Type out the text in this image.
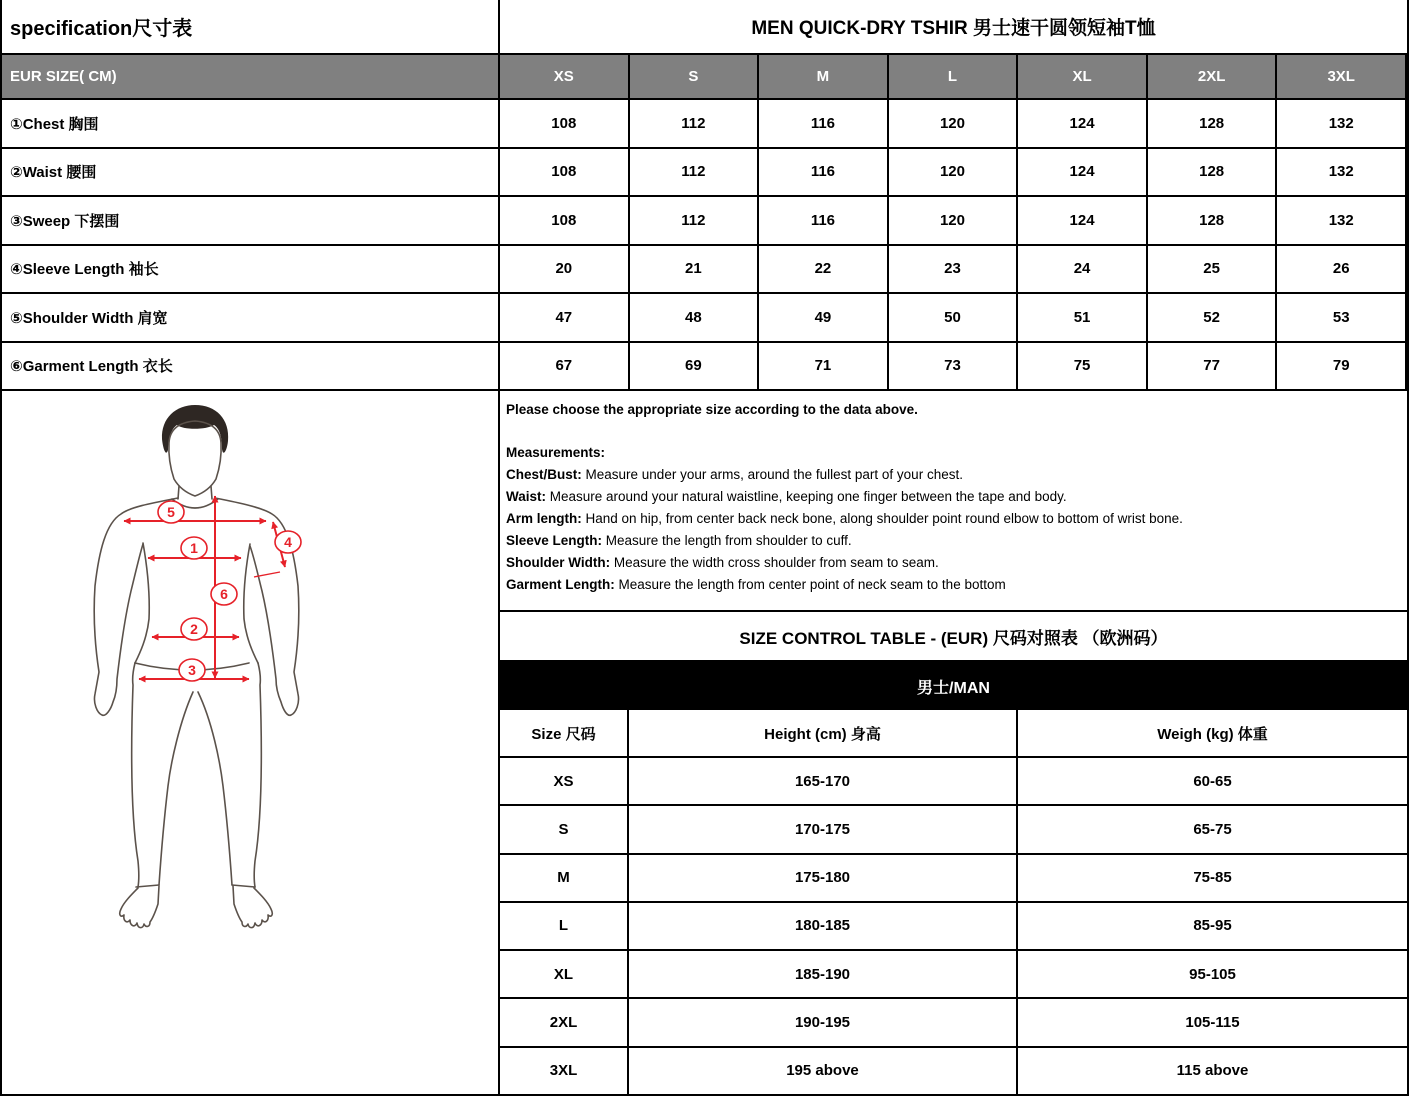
specification尺寸表	MEN QUICK-DRY TSHIR 男士速干圆领短袖T恤
EUR SIZE( CM)	XS	S	M	L	XL	2XL	3XL
①Chest 胸围	108	112	116	120	124	128	132
②Waist 腰围	108	112	116	120	124	128	132
③Sweep 下摆围	108	112	116	120	124	128	132
④Sleeve Length 袖长	20	21	22	23	24	25	26
⑤Shoulder Width 肩宽	47	48	49	50	51	52	53
⑥Garment Length 衣长	67	69	71	73	75	77	79
5
1	4
6
2
3

Please choose the appropriate size according to the data above.

Measurements:

Chest/Bust: Measure under your arms, around the fullest part of your chest.

Waist: Measure around your natural waistline, keeping one finger between the tape and body.

Arm length: Hand on hip, from center back neck bone, along shoulder point round elbow to bottom of wrist bone.

Sleeve Length: Measure the length from shoulder to cuff.

Shoulder Width: Measure the width cross shoulder from seam to seam.

Garment Length: Measure the length from center point of neck seam to the bottom

SIZE CONTROL TABLE - (EUR) 尺码对照表 （欧洲码）
男士/MAN
Size 尺码	Height (cm) 身高	Weigh (kg) 体重
XS	165-170	60-65
S	170-175	65-75
M	175-180	75-85
L	180-185	85-95
XL	185-190	95-105
2XL	190-195	105-115
3XL	195 above	115 above
